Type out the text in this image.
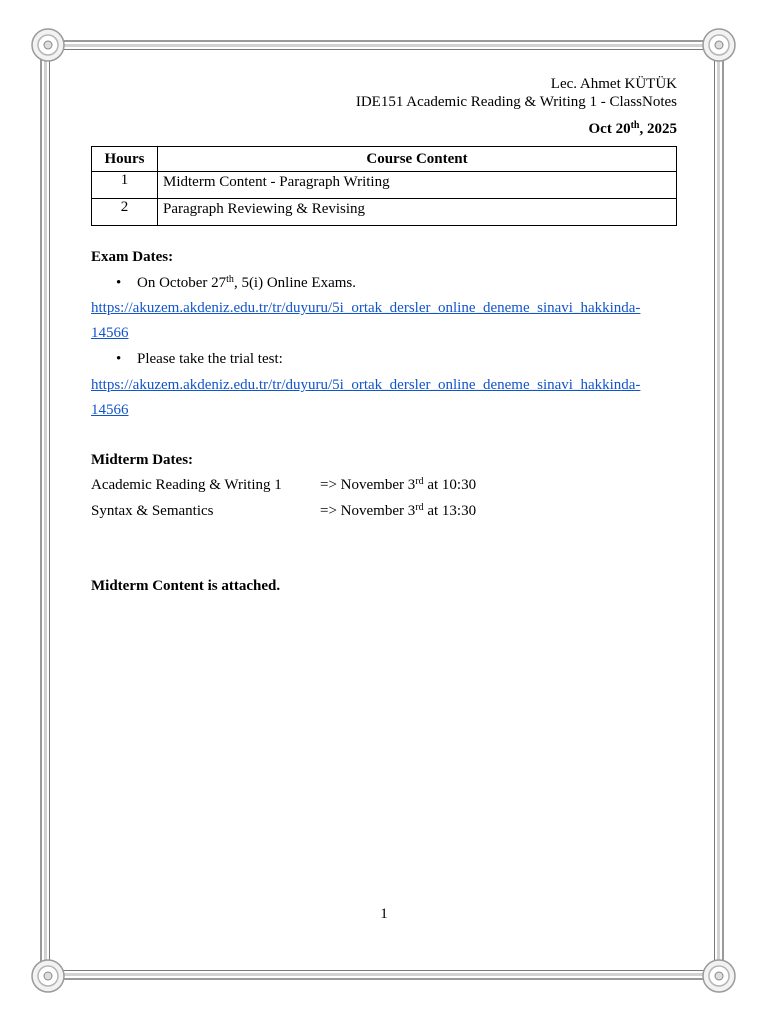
Lec. Ahmet KÜTÜK
IDE151 Academic Reading & Writing 1 - ClassNotes
Oct 20th, 2025
Hours	Course Content
1	Midterm Content - Paragraph Writing
2	Paragraph Reviewing & Revising
Exam Dates:
• On October 27th, 5(i) Online Exams.
https://akuzem.akdeniz.edu.tr/tr/duyuru/5i_ortak_dersler_online_deneme_sinavi_hakkinda-
14566
• Please take the trial test:
https://akuzem.akdeniz.edu.tr/tr/duyuru/5i_ortak_dersler_online_deneme_sinavi_hakkinda-
14566
Midterm Dates:
Academic Reading & Writing 1	=> November 3rd at 10:30
Syntax & Semantics	=> November 3rd at 13:30
Midterm Content is attached.
1
